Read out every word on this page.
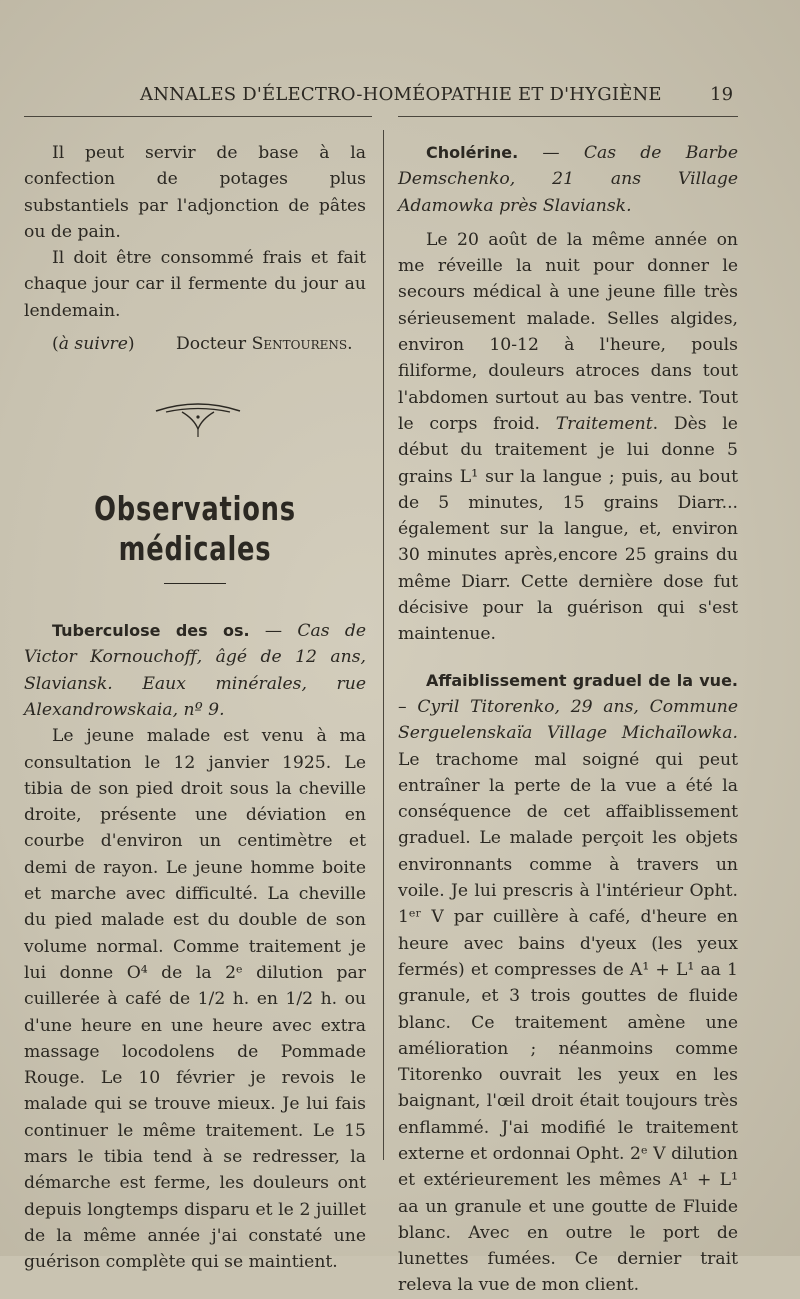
ANNALES D'ÉLECTRO-HOMÉOPATHIE ET D'HYGIÈNE	19

Il peut servir de base à la confection de potages plus substantiels par l'adjonction de pâtes ou de pain.

Il doit être consommé frais et fait chaque jour car il fermente du jour au lendemain.

(à suivre) Docteur Sentourens.
Observations médicales

Tuberculose des os. — Cas de Victor Kornouchoff, âgé de 12 ans, Slaviansk. Eaux minérales, rue Alexandrowskaia, nº 9.

Le jeune malade est venu à ma consultation le 12 janvier 1925. Le tibia de son pied droit sous la cheville droite, présente une déviation en courbe d'environ un centimètre et demi de rayon. Le jeune homme boite et marche avec difficulté. La cheville du pied malade est du double de son volume normal. Comme traitement je lui donne O⁴ de la 2ᵉ dilution par cuillerée à café de 1/2 h. en 1/2 h. ou d'une heure en une heure avec extra massage locodolens de Pommade Rouge. Le 10 février je revois le malade qui se trouve mieux. Je lui fais continuer le même traitement. Le 15 mars le tibia tend à se redresser, la démarche est ferme, les douleurs ont depuis longtemps disparu et le 2 juillet de la même année j'ai constaté une guérison complète qui se maintient.

Cholérine. — Cas de Barbe Demschenko, 21 ans Village Adamowka près Slaviansk.

Le 20 août de la même année on me réveille la nuit pour donner le secours médical à une jeune fille très sérieusement malade. Selles algides, environ 10-12 à l'heure, pouls filiforme, douleurs atroces dans tout l'abdomen surtout au bas ventre. Tout le corps froid. Traitement. Dès le début du traitement je lui donne 5 grains L¹ sur la langue ; puis, au bout de 5 minutes, 15 grains Diarr... également sur la langue, et, environ 30 minutes après,encore 25 grains du même Diarr. Cette dernière dose fut décisive pour la guérison qui s'est maintenue.

Affaiblissement graduel de la vue. – Cyril Titorenko, 29 ans, Commune Serguelenskaïa Village Michaïlowka. Le trachome mal soigné qui peut entraîner la perte de la vue a été la conséquence de cet affaiblissement graduel. Le malade perçoit les objets environnants comme à travers un voile. Je lui prescris à l'intérieur Opht. 1ᵉʳ V par cuillère à café, d'heure en heure avec bains d'yeux (les yeux fermés) et compresses de A¹ + L¹ aa 1 granule, et 3 trois gouttes de fluide blanc. Ce traitement amène une amélioration ; néanmoins comme Titorenko ouvrait les yeux en les baignant, l'œil droit était toujours très enflammé. J'ai modifié le traitement externe et ordonnai Opht. 2ᵉ V dilution et extérieurement les mêmes A¹ + L¹ aa un granule et une goutte de Fluide blanc. Avec en outre le port de lunettes fumées. Ce dernier trait releva la vue de mon client.
